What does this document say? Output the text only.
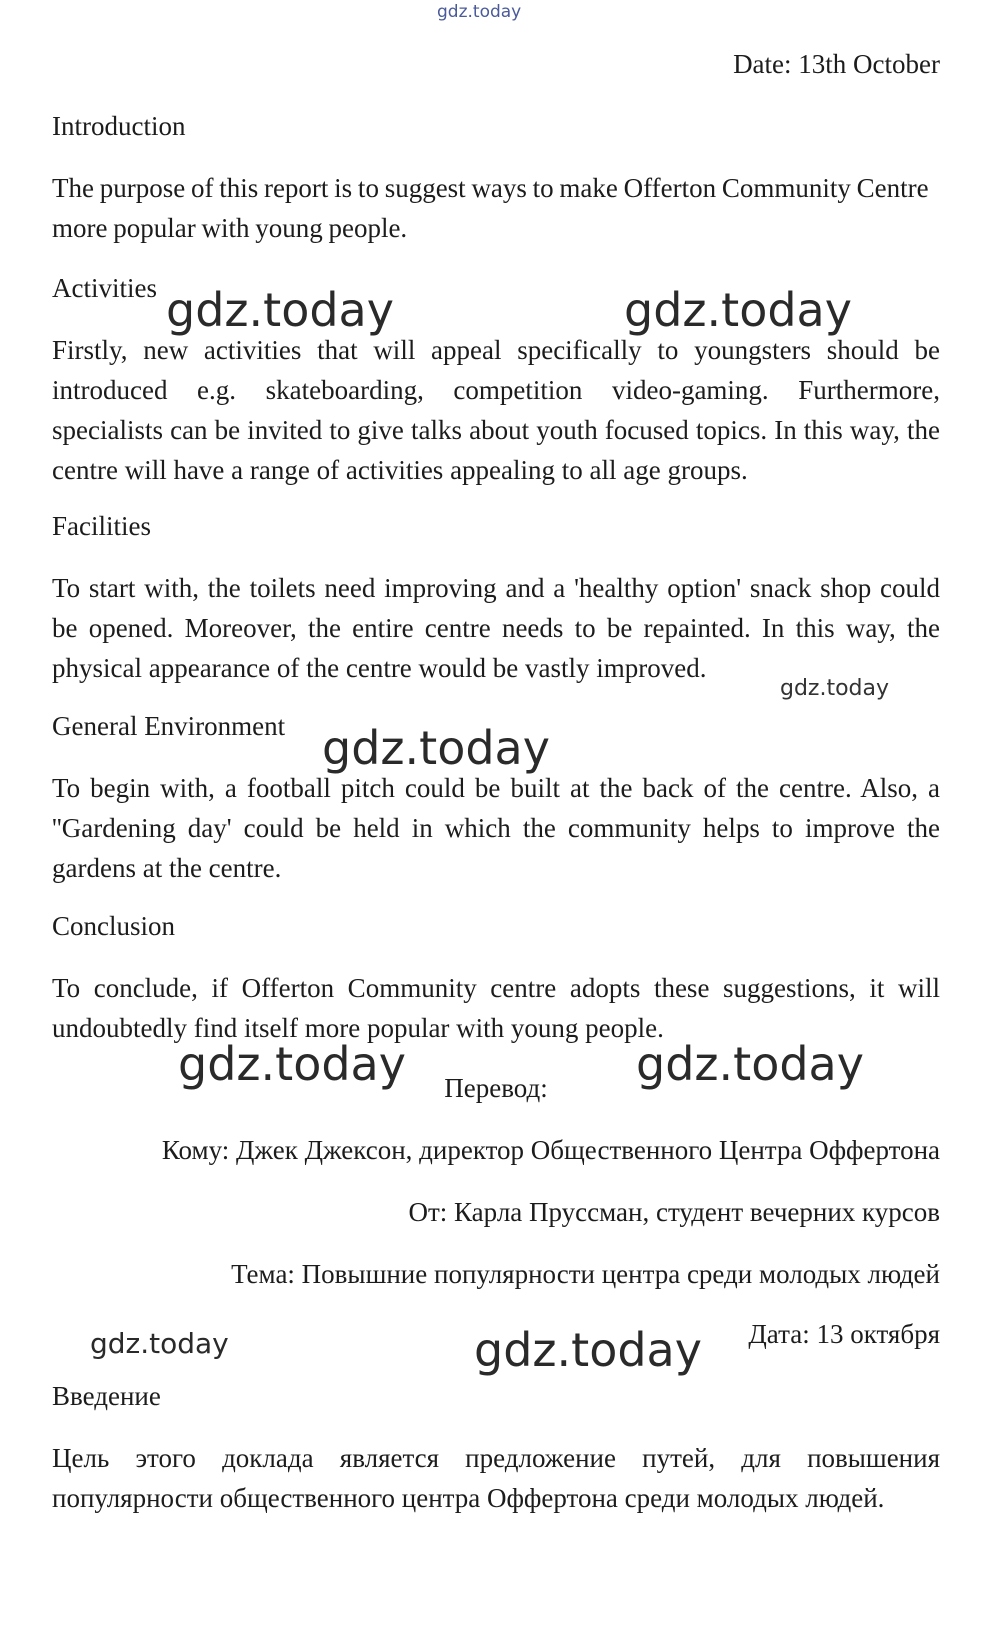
gdz.today

Date: 13th October

Introduction

The purpose of this report is to suggest ways to make Offerton Community Centre more popular with young people.

Activities

Firstly, new activities that will appeal specifically to youngsters should be introduced e.g. skateboarding, competition video-gaming. Furthermore, specialists can be invited to give talks about youth focused topics. In this way, the centre will have a range of activities appealing to all age groups.

Facilities

To start with, the toilets need improving and a 'healthy option' snack shop could be opened. Moreover, the entire centre needs to be repainted. In this way, the physical appearance of the centre would be vastly improved.

General Environment

To begin with, a football pitch could be built at the back of the centre. Also, a ''Gardening day' could be held in which the community helps to improve the gardens at the centre.

Conclusion

To conclude, if Offerton Community centre adopts these suggestions, it will undoubtedly find itself more popular with young people.

Перевод:

Кому: Джек Джексон, директор Общественного Центра Оффертона

От: Карла Пруссман, студент вечерних курсов

Тема: Повышние популярности центра среди молодых людей

Дата: 13 октября

Введение

Цель этого доклада является предложение путей, для повышения популярности общественного центра Оффертона среди молодых людей.

gdz.today	gdz.today
gdz.today
gdz.today
gdz.today	gdz.today
gdz.today	gdz.today
